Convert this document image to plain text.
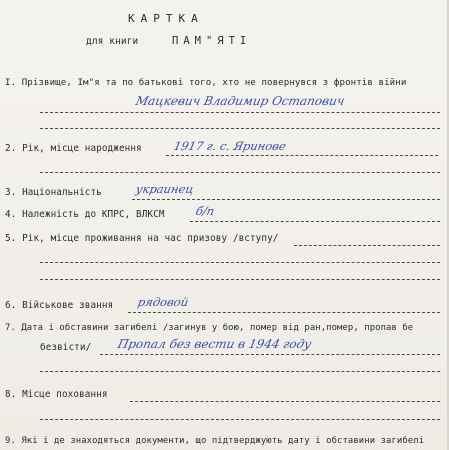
КАРТКА
для книги	ПАМ"ЯТІ
I. Прізвище, Ім"я та по батькові того, хто не повернувся з фронтів війни
Мацкевич Владимир Остапович
2. Рік, місце народження	1917 г. с. Яринове
3. Національність	украинец
4. Належність до КПРС, ВЛКСМ	б/п
5. Рік, місце проживання на час призову /вступу/
6. Військове звання рядовой
7. Дата і обставини загибелі /загинув у бою, помер від ран,помер, пропав бе
безвісти/ Пропал без вести в 1944 году
8. Місце поховання
9. Які і де знаходяться документи, що підтверджують дату і обставини загибелі
